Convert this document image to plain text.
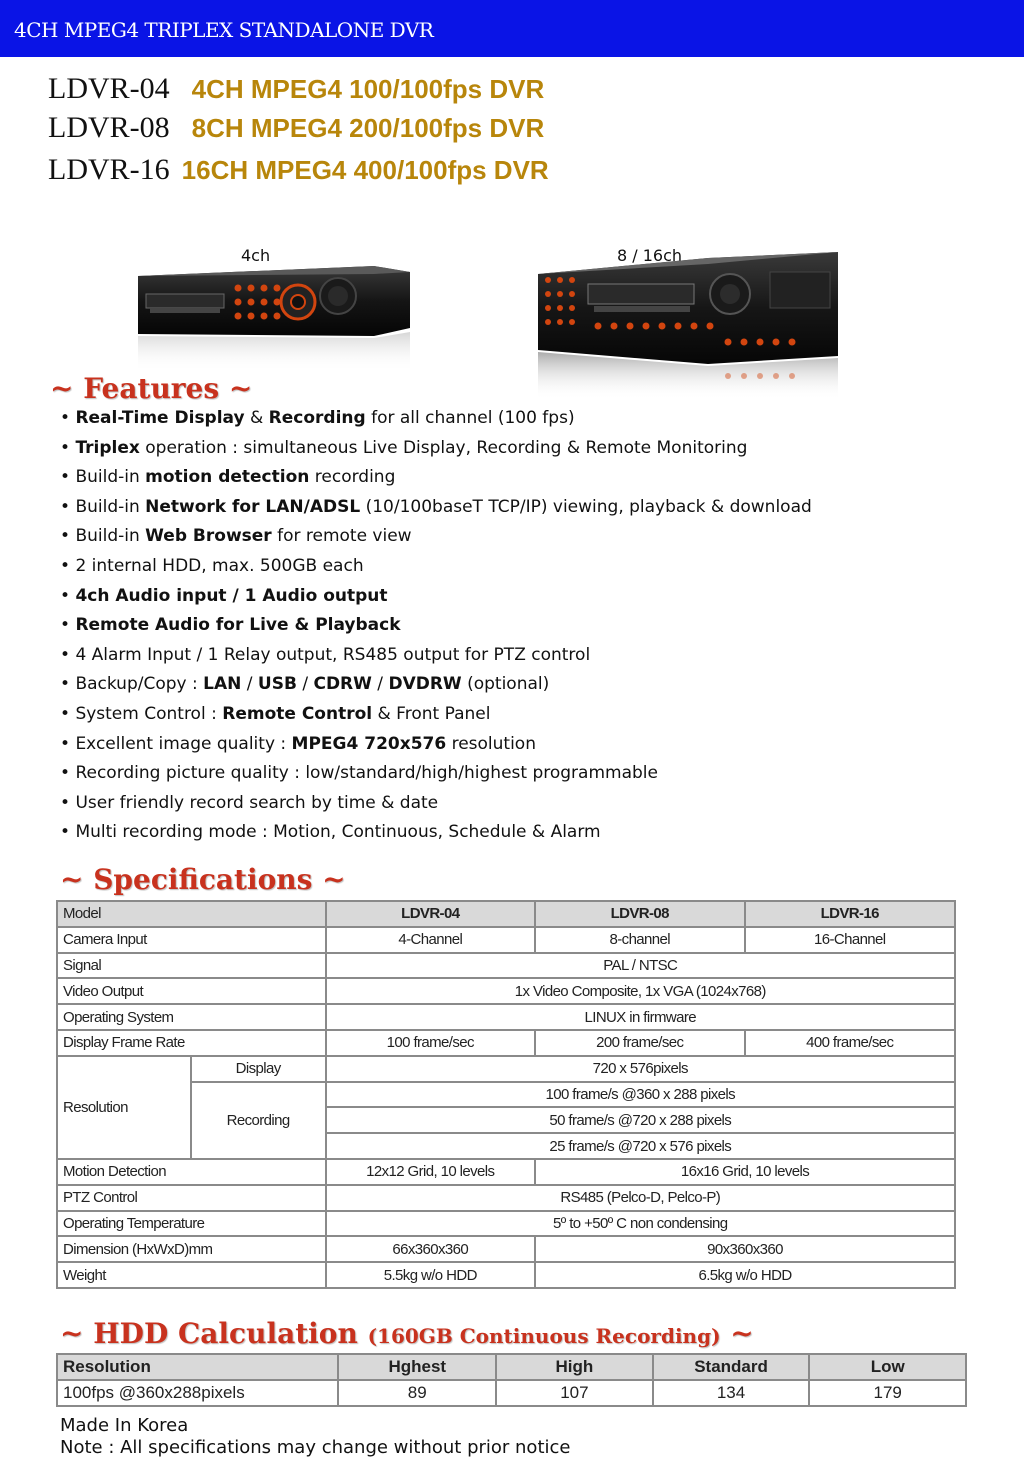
4CH MPEG4 TRIPLEX STANDALONE DVR
LDVR-04 4CH MPEG4 100/100fps DVR
LDVR-08 8CH MPEG4 200/100fps DVR
LDVR-16 16CH MPEG4 400/100fps DVR
4ch	8 / 16ch
~ Features ~
• Real-Time Display & Recording for all channel (100 fps)
• Triplex operation : simultaneous Live Display, Recording & Remote Monitoring
• Build-in motion detection recording
• Build-in Network for LAN/ADSL (10/100baseT TCP/IP) viewing, playback & download
• Build-in Web Browser for remote view
• 2 internal HDD, max. 500GB each
• 4ch Audio input / 1 Audio output
• Remote Audio for Live & Playback
• 4 Alarm Input / 1 Relay output, RS485 output for PTZ control
• Backup/Copy : LAN / USB / CDRW / DVDRW (optional)
• System Control : Remote Control & Front Panel
• Excellent image quality : MPEG4 720x576 resolution
• Recording picture quality : low/standard/high/highest programmable
• User friendly record search by time & date
• Multi recording mode : Motion, Continuous, Schedule & Alarm
~ Specifications ~
Model		LDVR-04	LDVR-08	LDVR-16
Camera Input		4-Channel	8-channel	16-Channel
Signal		PAL / NTSC		
Video Output		1x Video Composite, 1x VGA (1024x768)		
Operating System		LINUX in firmware		
Display Frame Rate		100 frame/sec	200 frame/sec	400 frame/sec
Resolution	Display	720 x 576pixels		
	Recording	100 frame/s @360 x 288 pixels		
		50 frame/s @720 x 288 pixels		
		25 frame/s @720 x 576 pixels		
Motion Detection		12x12 Grid, 10 levels	16x16 Grid, 10 levels	
PTZ Control		RS485 (Pelco-D, Pelco-P)		
Operating Temperature		5º to +50º C non condensing		
Dimension (HxWxD)mm		66x360x360	90x360x360	
Weight		5.5kg w/o HDD	6.5kg w/o HDD	
~ HDD Calculation (160GB Continuous Recording) ~
Resolution	Hghest	High	Standard	Low
100fps @360x288pixels	89	107	134	179
Made In Korea
Note : All specifications may change without prior notice
